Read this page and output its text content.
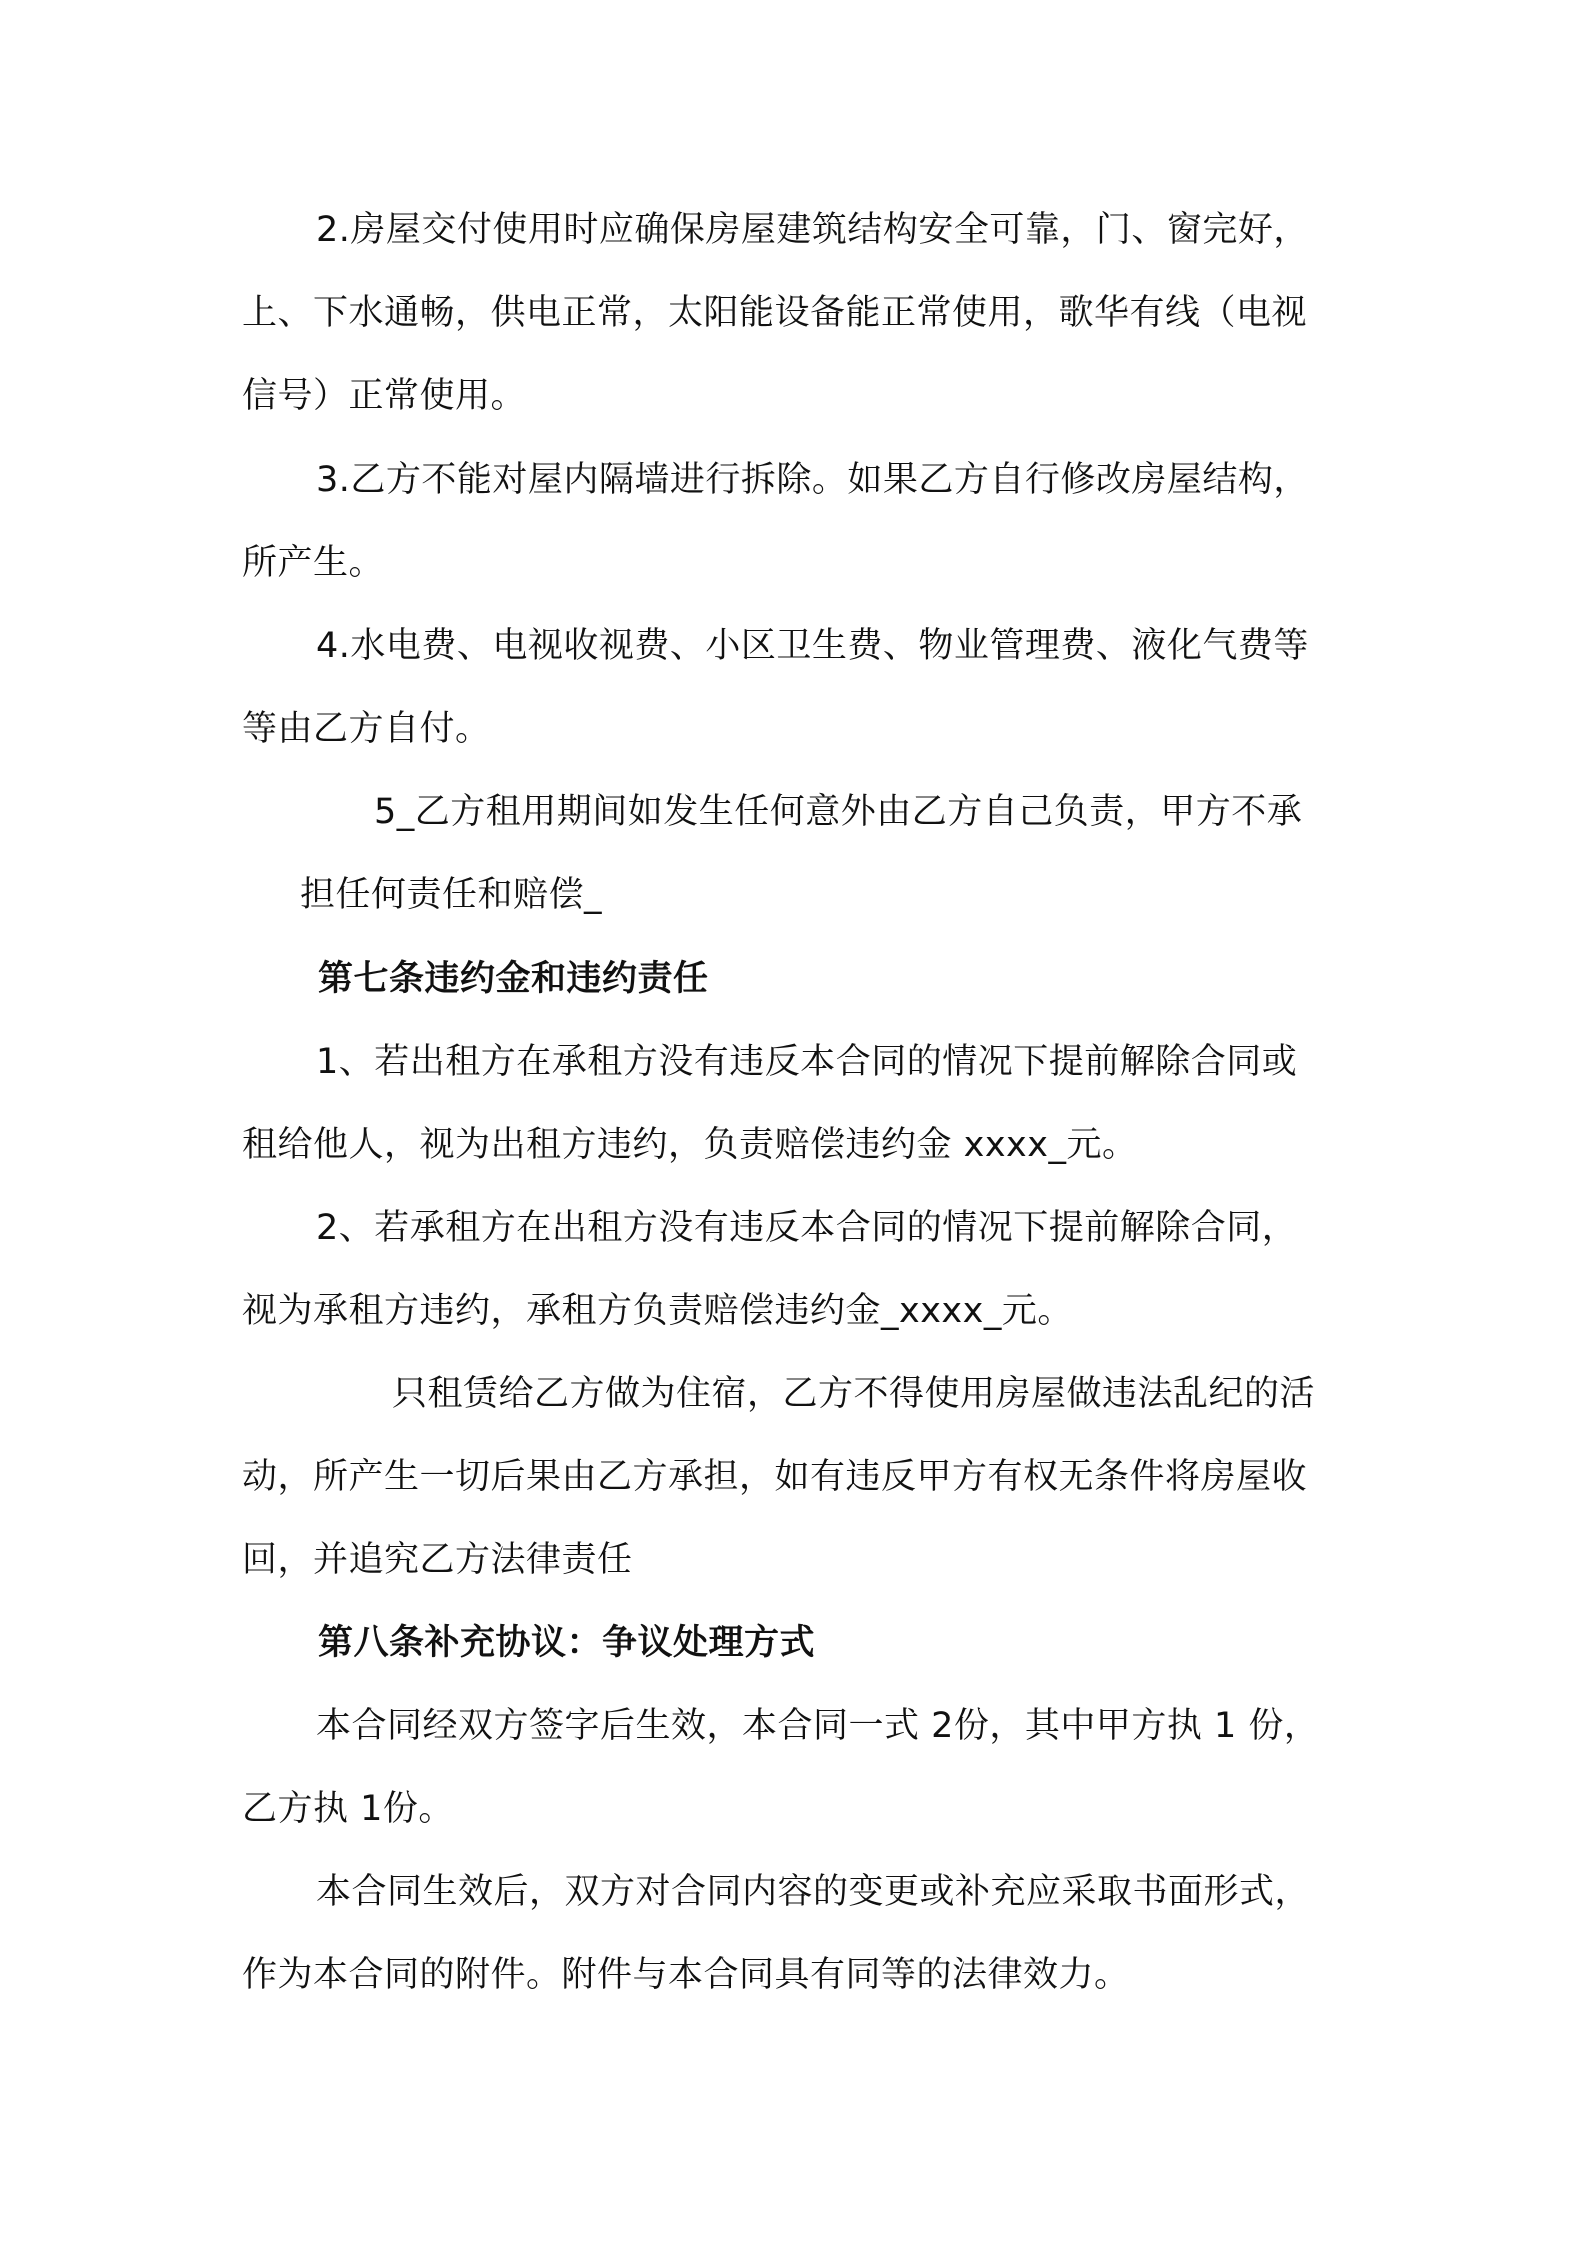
2.房屋交付使用时应确保房屋建筑结构安全可靠，门、窗完好，
上、下水通畅，供电正常，太阳能设备能正常使用，歌华有线（电视
信号）正常使用。
3.乙方不能对屋内隔墙进行拆除。如果乙方自行修改房屋结构，
所产生。
4.水电费、电视收视费、小区卫生费、物业管理费、液化气费等
等由乙方自付。
5_乙方租用期间如发生任何意外由乙方自己负责，甲方不承
担任何责任和赔偿_
第七条违约金和违约责任
1、若出租方在承租方没有违反本合同的情况下提前解除合同或
租给他人，视为出租方违约，负责赔偿违约金 xxxx_元。
2、若承租方在出租方没有违反本合同的情况下提前解除合同，
视为承租方违约，承租方负责赔偿违约金_xxxx_元。
只租赁给乙方做为住宿，乙方不得使用房屋做违法乱纪的活
动，所产生一切后果由乙方承担，如有违反甲方有权无条件将房屋收
回，并追究乙方法律责任
第八条补充协议：争议处理方式
本合同经双方签字后生效，本合同一式 2份，其中甲方执 1 份，
乙方执 1份。
本合同生效后，双方对合同内容的变更或补充应采取书面形式，
作为本合同的附件。附件与本合同具有同等的法律效力。
